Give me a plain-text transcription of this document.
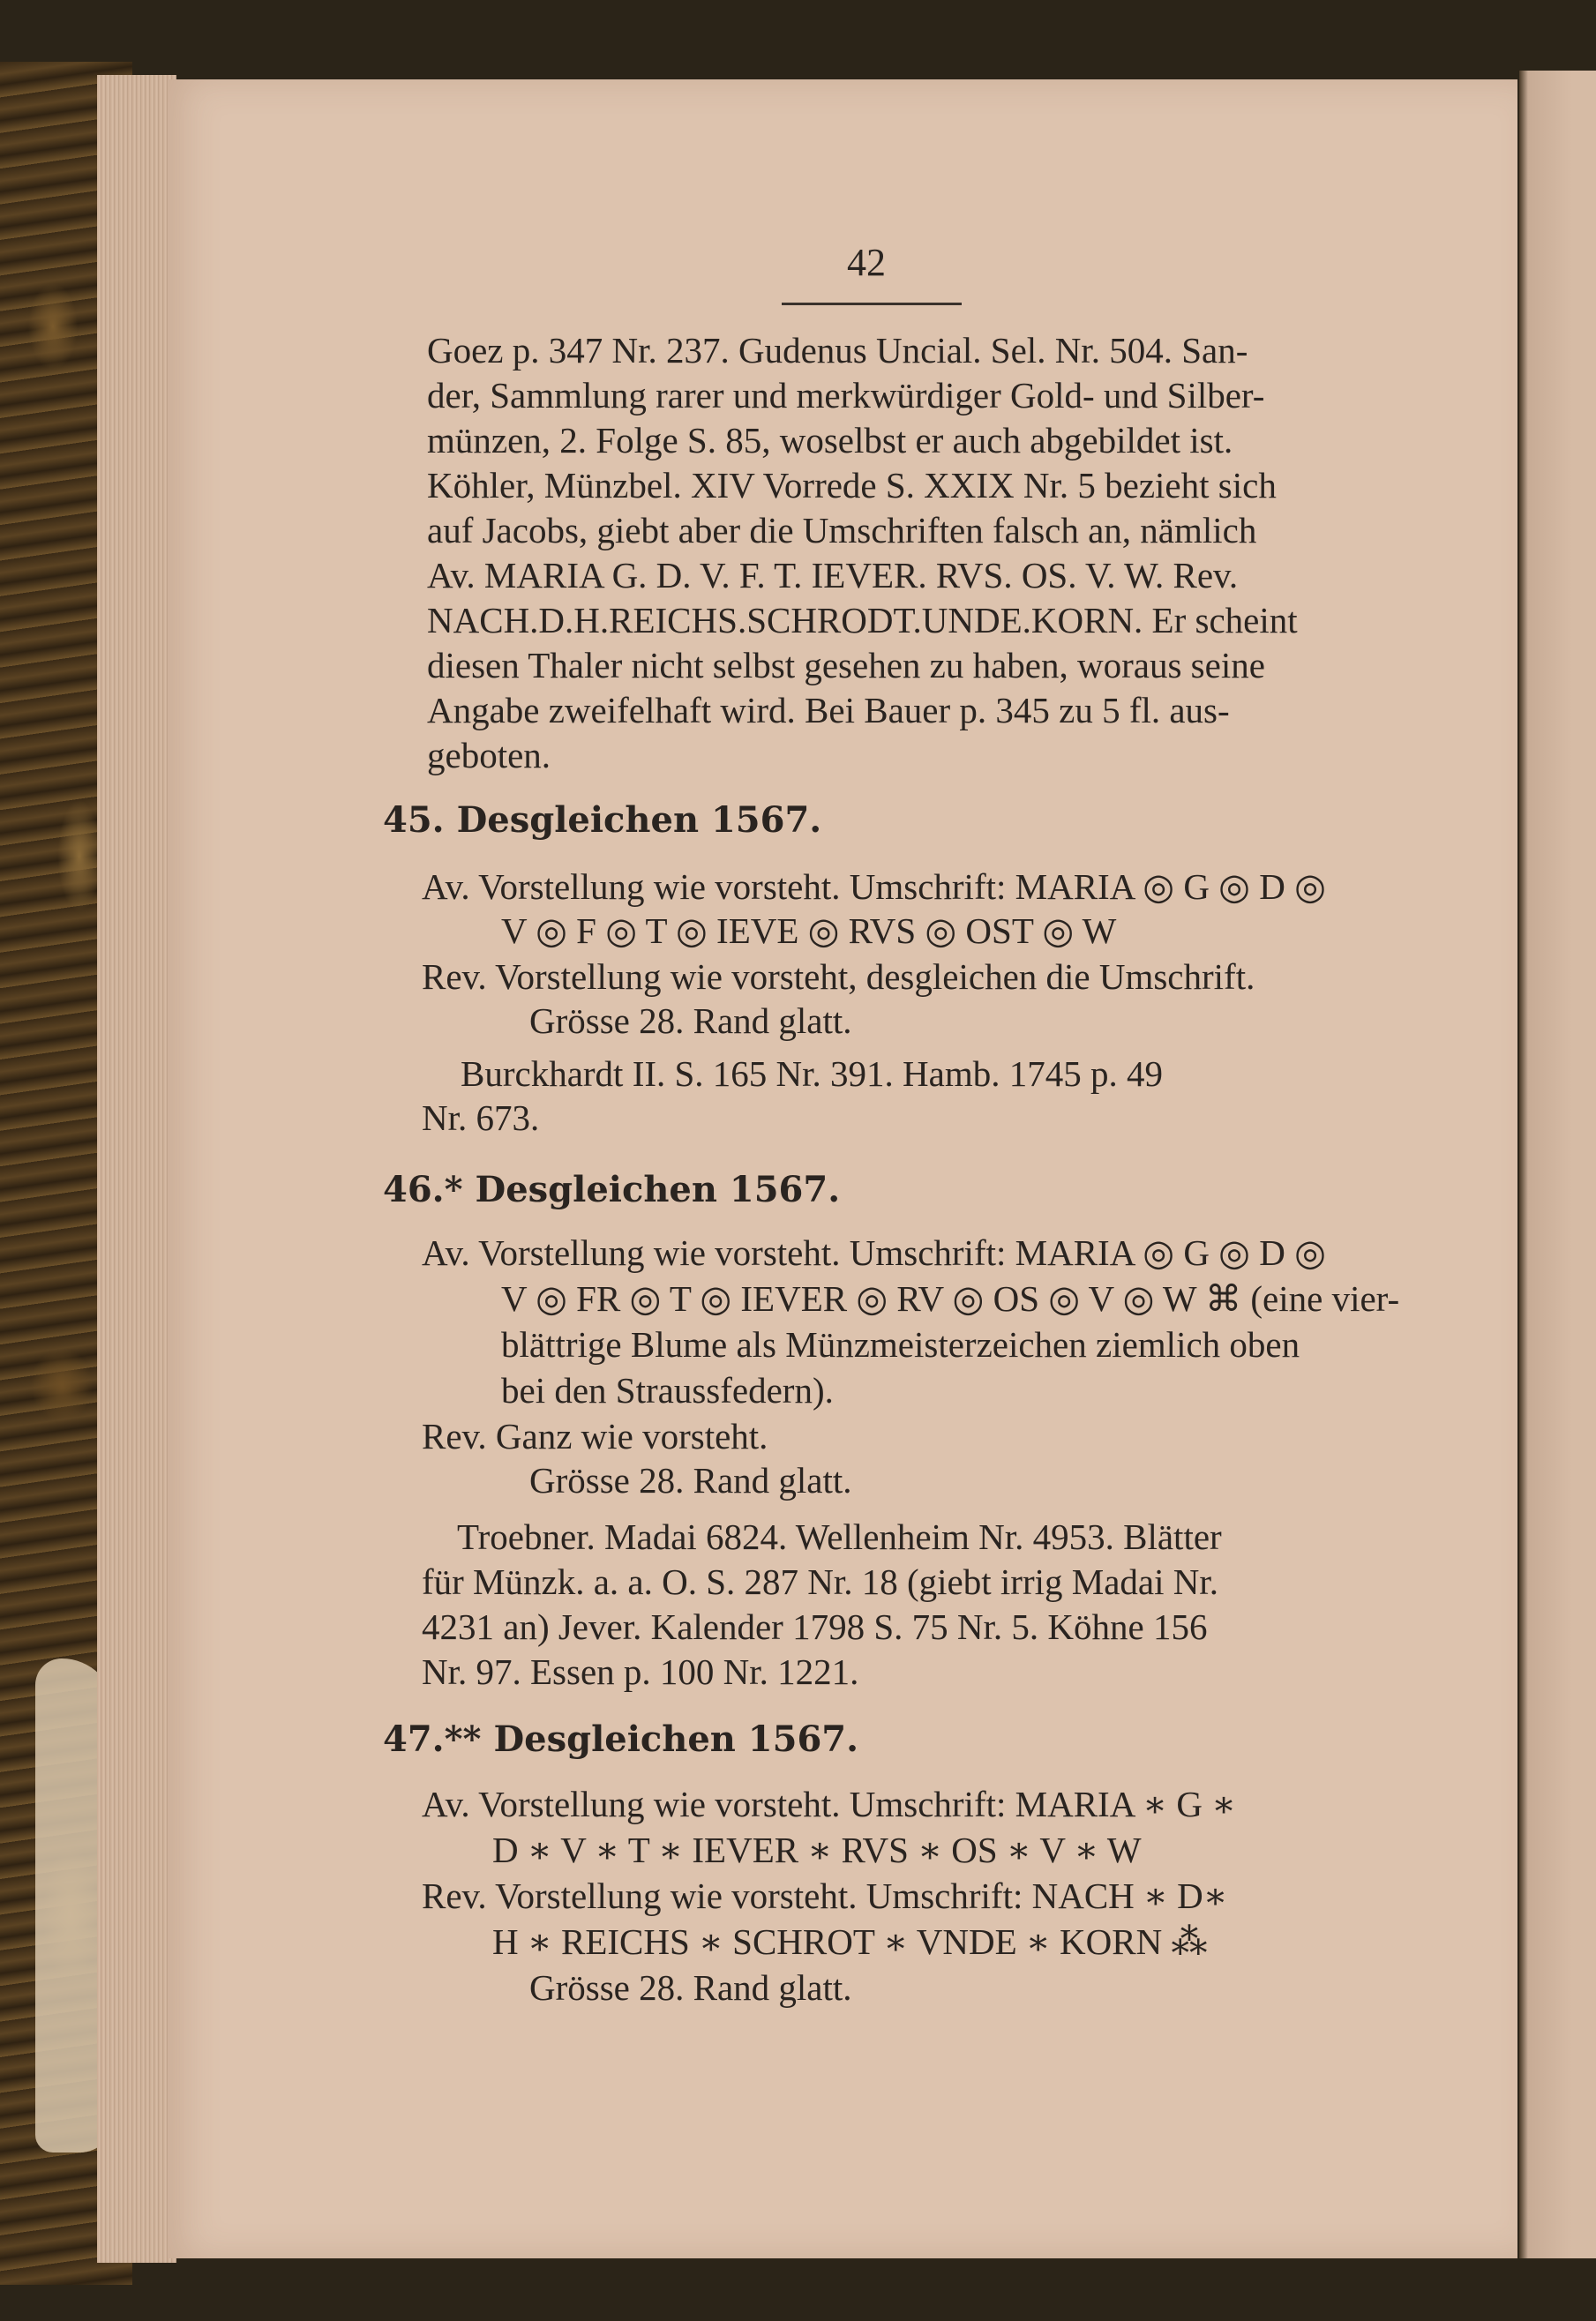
42
Goez p. 347 Nr. 237. Gudenus Uncial. Sel. Nr. 504. San-
der, Sammlung rarer und merkwürdiger Gold- und Silber-
münzen, 2. Folge S. 85, woselbst er auch abgebildet ist.
Köhler, Münzbel. XIV Vorrede S. XXIX Nr. 5 bezieht sich
auf Jacobs, giebt aber die Umschriften falsch an, nämlich
Av. MARIA G. D. V. F. T. IEVER. RVS. OS. V. W. Rev.
NACH.D.H.REICHS.SCHRODT.UNDE.KORN. Er scheint
diesen Thaler nicht selbst gesehen zu haben, woraus seine
Angabe zweifelhaft wird. Bei Bauer p. 345 zu 5 fl. aus-
geboten.
45. Desgleichen 1567.
Av. Vorstellung wie vorsteht. Umschrift: MARIA ◎ G ◎ D ◎
V ◎ F ◎ T ◎ IEVE ◎ RVS ◎ OST ◎ W
Rev. Vorstellung wie vorsteht, desgleichen die Umschrift.
Grösse 28. Rand glatt.
Burckhardt II. S. 165 Nr. 391. Hamb. 1745 p. 49
Nr. 673.
46.* Desgleichen 1567.
Av. Vorstellung wie vorsteht. Umschrift: MARIA ◎ G ◎ D ◎
V ◎ FR ◎ T ◎ IEVER ◎ RV ◎ OS ◎ V ◎ W ⌘ (eine vier-
blättrige Blume als Münzmeisterzeichen ziemlich oben
bei den Straussfedern).
Rev. Ganz wie vorsteht.
Grösse 28. Rand glatt.
Troebner. Madai 6824. Wellenheim Nr. 4953. Blätter
für Münzk. a. a. O. S. 287 Nr. 18 (giebt irrig Madai Nr.
4231 an) Jever. Kalender 1798 S. 75 Nr. 5. Köhne 156
Nr. 97. Essen p. 100 Nr. 1221.
47.** Desgleichen 1567.
Av. Vorstellung wie vorsteht. Umschrift: MARIA ∗ G ∗
D ∗ V ∗ T ∗ IEVER ∗ RVS ∗ OS ∗ V ∗ W
Rev. Vorstellung wie vorsteht. Umschrift: NACH ∗ D∗
H ∗ REICHS ∗ SCHROT ∗ VNDE ∗ KORN ⁂
Grösse 28. Rand glatt.
